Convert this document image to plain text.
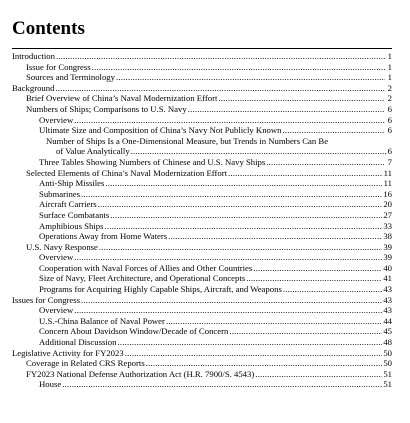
Contents
Introduction .....	1
Issue for Congress .....	1
Sources and Terminology .....	1
Background .....	2
Brief Overview of China’s Naval Modernization Effort .....	2
Numbers of Ships; Comparisons to U.S. Navy .....	6
Overview .....	6
Ultimate Size and Composition of China’s Navy Not Publicly Known .....	6
Number of Ships Is a One-Dimensional Measure, but Trends in Numbers Can Be
of Value Analytically .....	6
Three Tables Showing Numbers of Chinese and U.S. Navy Ships .....	7
Selected Elements of China’s Naval Modernization Effort .....	11
Anti-Ship Missiles .....	11
Submarines .....	16
Aircraft Carriers .....	20
Surface Combatants .....	27
Amphibious Ships .....	33
Operations Away from Home Waters .....	38
U.S. Navy Response .....	39
Overview .....	39
Cooperation with Naval Forces of Allies and Other Countries .....	40
Size of Navy, Fleet Architecture, and Operational Concepts .....	41
Programs for Acquiring Highly Capable Ships, Aircraft, and Weapons .....	43
Issues for Congress .....	43
Overview .....	43
U.S.-China Balance of Naval Power .....	44
Concern About Davidson Window/Decade of Concern .....	45
Additional Discussion .....	48
Legislative Activity for FY2023 .....	50
Coverage in Related CRS Reports .....	50
FY2023 National Defense Authorization Act (H.R. 7900/S. 4543) .....	51
House .....	51
